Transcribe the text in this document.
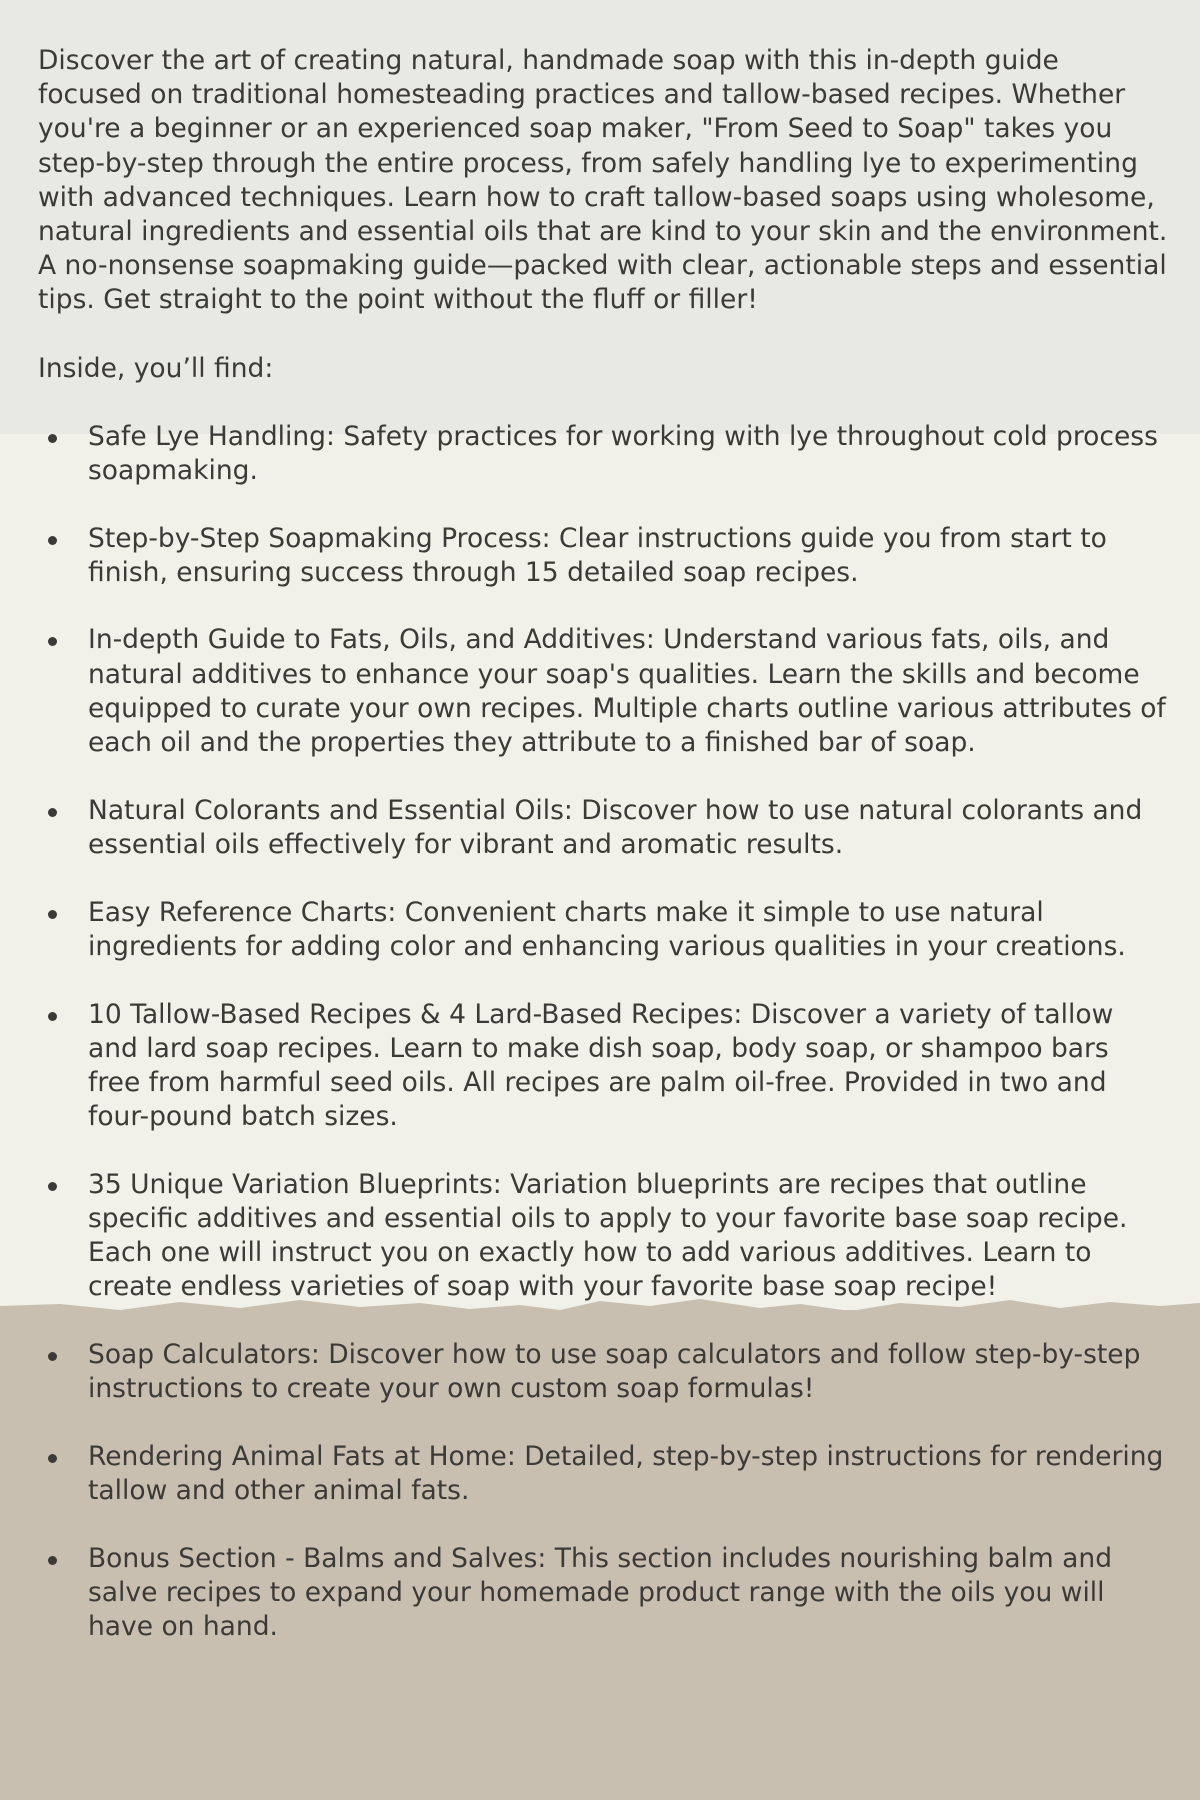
Discover the art of creating natural, handmade soap with this in-depth guide focused on traditional homesteading practices and tallow-based recipes. Whether you're a beginner or an experienced soap maker, "From Seed to Soap" takes you step-by-step through the entire process, from safely handling lye to experimenting with advanced techniques. Learn how to craft tallow-based soaps using wholesome, natural ingredients and essential oils that are kind to your skin and the environment. A no-nonsense soapmaking guide—packed with clear, actionable steps and essential tips. Get straight to the point without the fluff or filler!

Inside, you’ll find:

Safe Lye Handling: Safety practices for working with lye throughout cold process soapmaking.
Step-by-Step Soapmaking Process: Clear instructions guide you from start to finish, ensuring success through 15 detailed soap recipes.
In-depth Guide to Fats, Oils, and Additives: Understand various fats, oils, and natural additives to enhance your soap's qualities. Learn the skills and become equipped to curate your own recipes. Multiple charts outline various attributes of each oil and the properties they attribute to a finished bar of soap.
Natural Colorants and Essential Oils: Discover how to use natural colorants and essential oils effectively for vibrant and aromatic results.
Easy Reference Charts: Convenient charts make it simple to use natural ingredients for adding color and enhancing various qualities in your creations.
10 Tallow-Based Recipes & 4 Lard-Based Recipes: Discover a variety of tallow and lard soap recipes. Learn to make dish soap, body soap, or shampoo bars free from harmful seed oils. All recipes are palm oil-free. Provided in two and four-pound batch sizes.
35 Unique Variation Blueprints: Variation blueprints are recipes that outline specific additives and essential oils to apply to your favorite base soap recipe. Each one will instruct you on exactly how to add various additives. Learn to create endless varieties of soap with your favorite base soap recipe!
Soap Calculators: Discover how to use soap calculators and follow step-by-step instructions to create your own custom soap formulas!
Rendering Animal Fats at Home: Detailed, step-by-step instructions for rendering tallow and other animal fats.
Bonus Section - Balms and Salves: This section includes nourishing balm and salve recipes to expand your homemade product range with the oils you will have on hand.
